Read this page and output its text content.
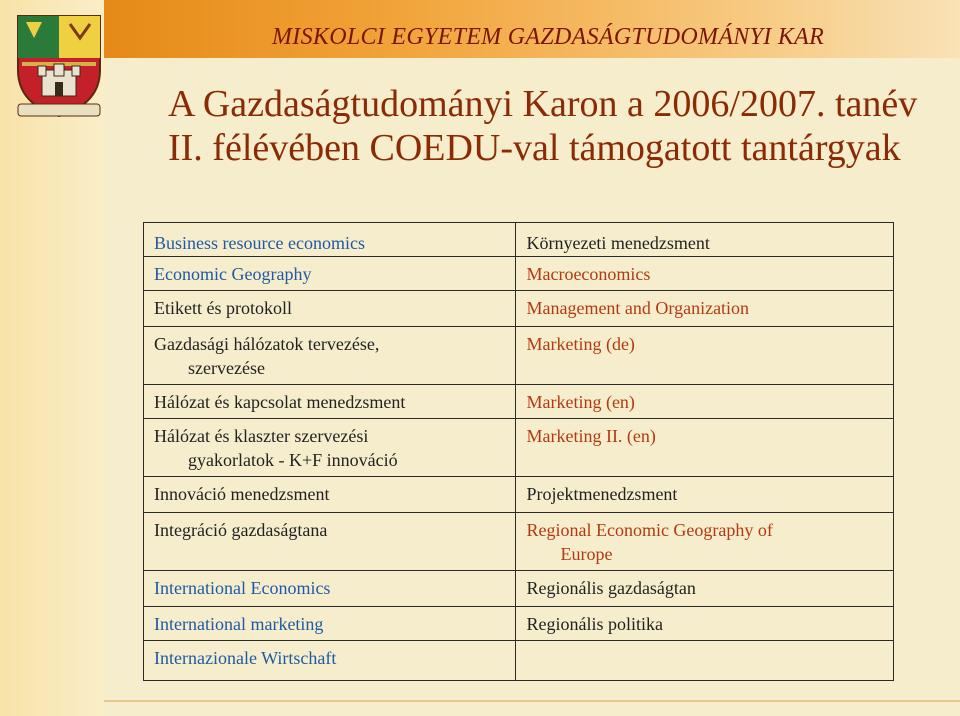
MISKOLCI EGYETEM GAZDASÁGTUDOMÁNYI KAR
A Gazdaságtudományi Karon a 2006/2007. tanév

II. félévében COEDU-val támogatott tantárgyak
Business resource economics	Környezeti menedzsment

Economic Geography	Macroeconomics

Etikett és protokoll	Management and Organization

Gazdasági hálózatok tervezése,
szervezése	Marketing (de)

Hálózat és kapcsolat menedzsment	Marketing (en)

Hálózat és klaszter szervezési
gyakorlatok - K+F innováció	Marketing II. (en)

Innováció menedzsment	Projektmenedzsment

Integráció gazdaságtana	Regional Economic Geography of
Europe

International Economics	Regionális gazdaságtan

International marketing	Regionális politika

Internazionale Wirtschaft	
